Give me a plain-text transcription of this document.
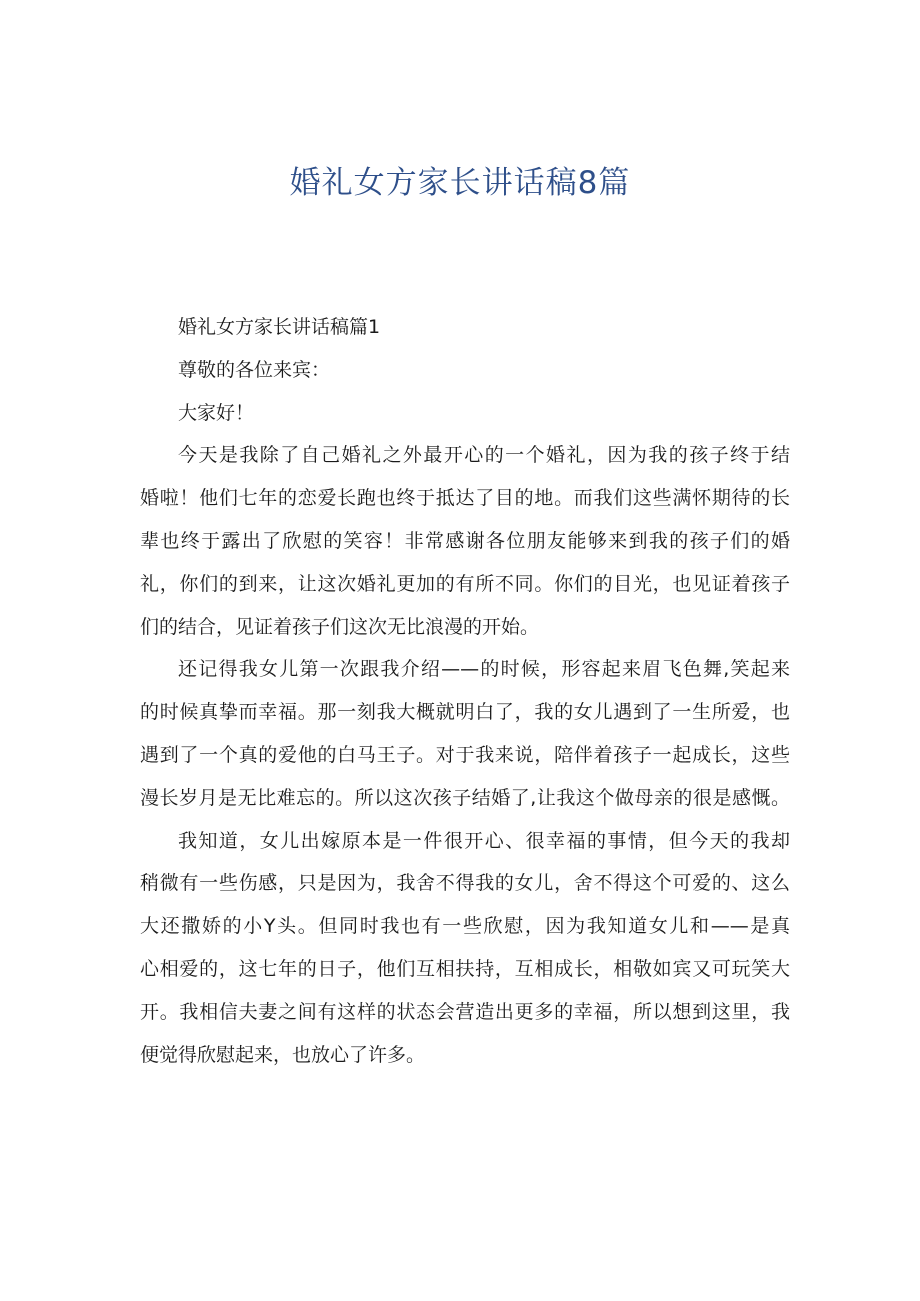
婚礼女方家长讲话稿8篇
婚礼女方家长讲话稿篇1
尊敬的各位来宾：
大家好！
今天是我除了自己婚礼之外最开心的一个婚礼，因为我的孩子终于结
婚啦！他们七年的恋爱长跑也终于抵达了目的地。而我们这些满怀期待的长
辈也终于露出了欣慰的笑容！非常感谢各位朋友能够来到我的孩子们的婚
礼，你们的到来，让这次婚礼更加的有所不同。你们的目光，也见证着孩子
们的结合，见证着孩子们这次无比浪漫的开始。
还记得我女儿第一次跟我介绍——的时候，形容起来眉飞色舞,笑起来
的时候真挚而幸福。那一刻我大概就明白了，我的女儿遇到了一生所爱，也
遇到了一个真的爱他的白马王子。对于我来说，陪伴着孩子一起成长，这些
漫长岁月是无比难忘的。所以这次孩子结婚了,让我这个做母亲的很是感慨。
我知道，女儿出嫁原本是一件很开心、很幸福的事情，但今天的我却
稍微有一些伤感，只是因为，我舍不得我的女儿，舍不得这个可爱的、这么
大还撒娇的小Y头。但同时我也有一些欣慰，因为我知道女儿和——是真
心相爱的，这七年的日子，他们互相扶持，互相成长，相敬如宾又可玩笑大
开。我相信夫妻之间有这样的状态会营造出更多的幸福，所以想到这里，我
便觉得欣慰起来，也放心了许多。
